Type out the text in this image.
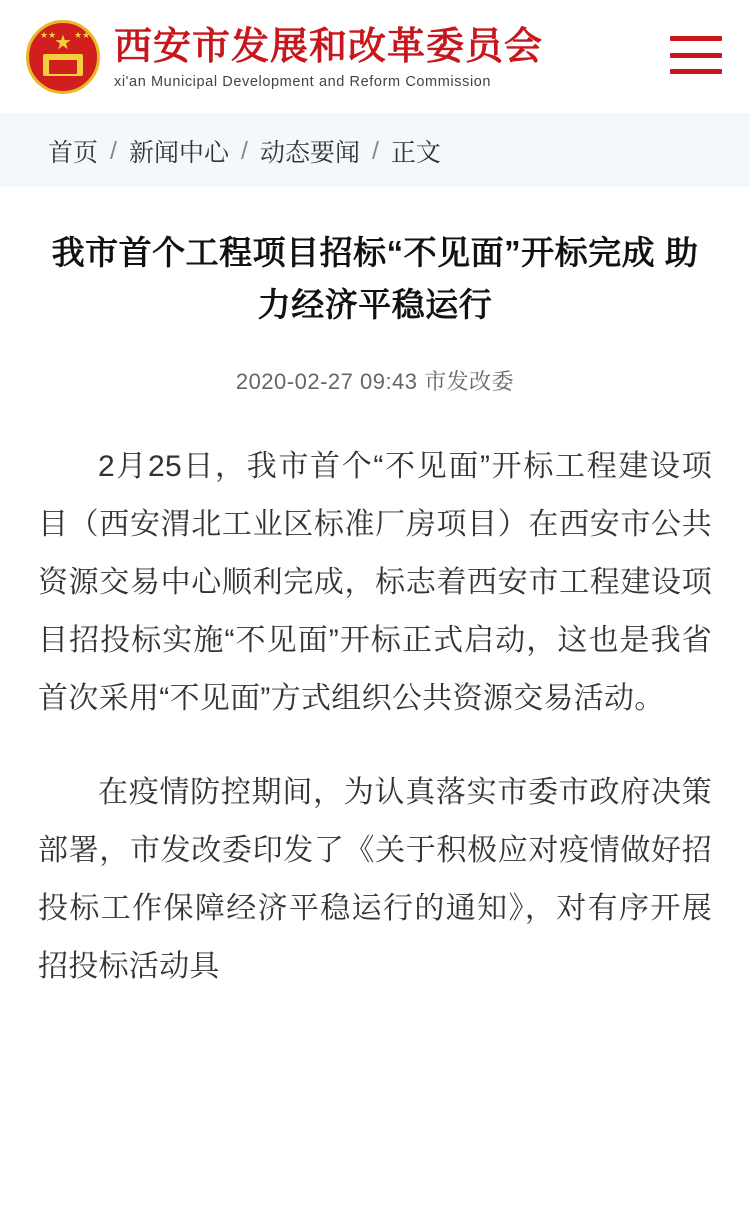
★
★★ ★★ 西安市发展和改革委员会
xi'an Municipal Development and Reform Commission
首页 / 新闻中心 / 动态要闻 / 正文
我市首个工程项目招标“不见面”开标完成 助力经济平稳运行
2020-02-27 09:43 市发改委

2月25日，我市首个“不见面”开标工程建设项目（西安渭北工业区标准厂房项目）在西安市公共资源交易中心顺利完成，标志着西安市工程建设项目招投标实施“不见面”开标正式启动，这也是我省首次采用“不见面”方式组织公共资源交易活动。

在疫情防控期间，为认真落实市委市政府决策部署，市发改委印发了《关于积极应对疫情做好招投标工作保障经济平稳运行的通知》，对有序开展招投标活动具
